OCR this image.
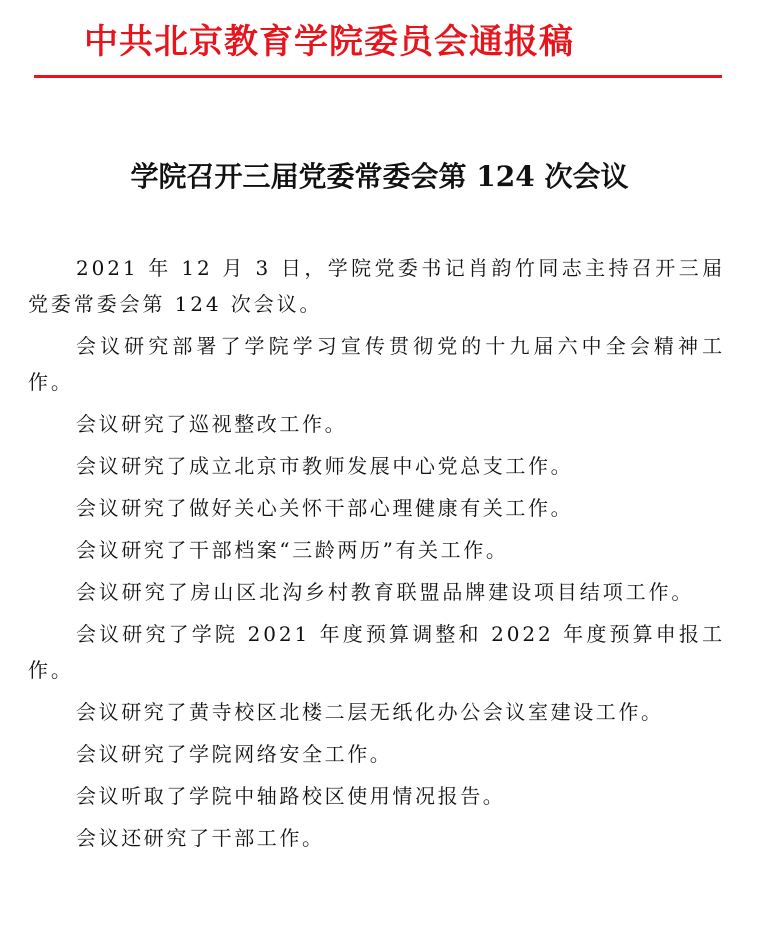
中共北京教育学院委员会通报稿
学院召开三届党委常委会第 124 次会议

2021 年 12 月 3 日，学院党委书记肖韵竹同志主持召开三届党委常委会第 124 次会议。

会议研究部署了学院学习宣传贯彻党的十九届六中全会精神工作。

会议研究了巡视整改工作。

会议研究了成立北京市教师发展中心党总支工作。

会议研究了做好关心关怀干部心理健康有关工作。

会议研究了干部档案“三龄两历”有关工作。

会议研究了房山区北沟乡村教育联盟品牌建设项目结项工作。

会议研究了学院 2021 年度预算调整和 2022 年度预算申报工作。

会议研究了黄寺校区北楼二层无纸化办公会议室建设工作。

会议研究了学院网络安全工作。

会议听取了学院中轴路校区使用情况报告。

会议还研究了干部工作。
